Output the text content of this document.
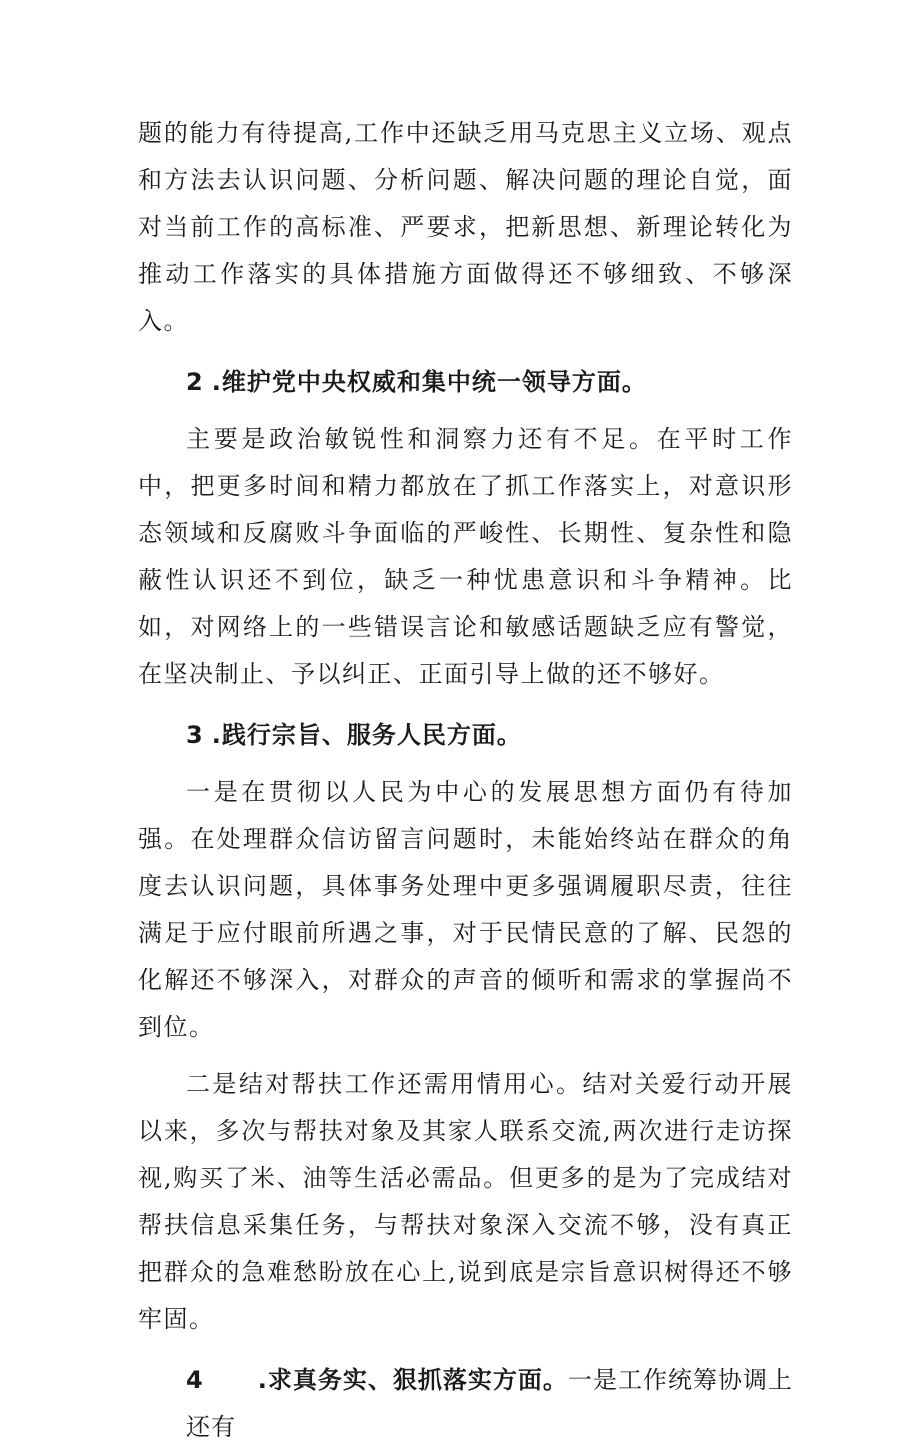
题的能力有待提高,工作中还缺乏用马克思主义立场、观点和方法去认识问题、分析问题、解决问题的理论自觉，面对当前工作的高标准、严要求，把新思想、新理论转化为推动工作落实的具体措施方面做得还不够细致、不够深入。

2 .维护党中央权威和集中统一领导方面。

主要是政治敏锐性和洞察力还有不足。在平时工作中，把更多时间和精力都放在了抓工作落实上，对意识形态领域和反腐败斗争面临的严峻性、长期性、复杂性和隐蔽性认识还不到位，缺乏一种忧患意识和斗争精神。比如，对网络上的一些错误言论和敏感话题缺乏应有警觉，在坚决制止、予以纠正、正面引导上做的还不够好。

3 .践行宗旨、服务人民方面。

一是在贯彻以人民为中心的发展思想方面仍有待加强。在处理群众信访留言问题时，未能始终站在群众的角度去认识问题，具体事务处理中更多强调履职尽责，往往满足于应付眼前所遇之事，对于民情民意的了解、民怨的化解还不够深入，对群众的声音的倾听和需求的掌握尚不到位。

二是结对帮扶工作还需用情用心。结对关爱行动开展以来，多次与帮扶对象及其家人联系交流,两次进行走访探视,购买了米、油等生活必需品。但更多的是为了完成结对帮扶信息采集任务，与帮扶对象深入交流不够，没有真正把群众的急难愁盼放在心上,说到底是宗旨意识树得还不够牢固。

4 .求真务实、狠抓落实方面。一是工作统筹协调上还有
